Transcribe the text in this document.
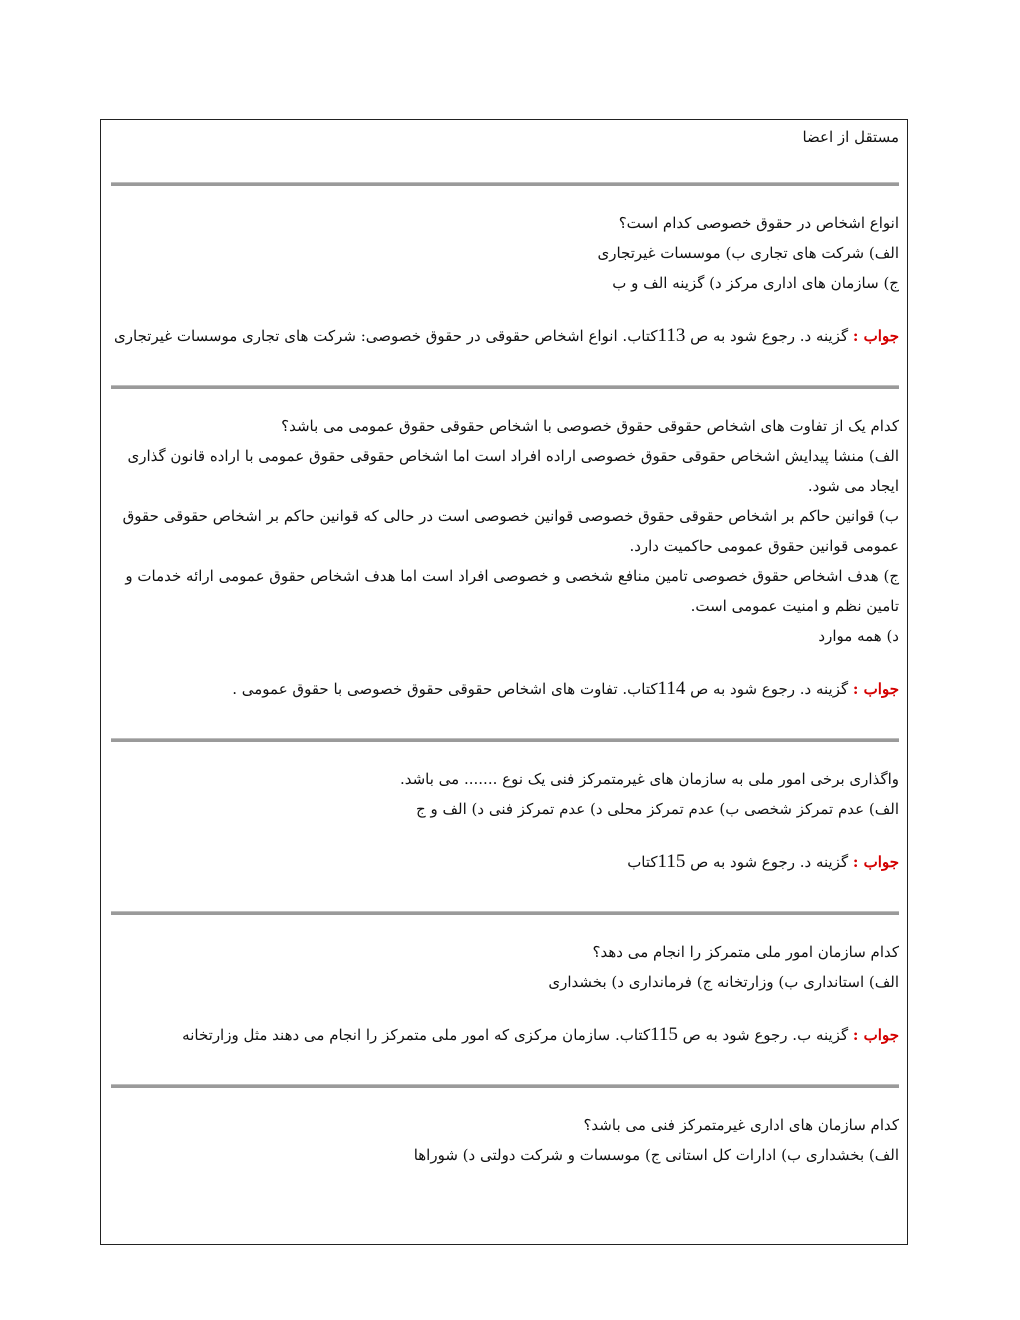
مستقل از اعضا
انواع اشخاص در حقوق خصوصی کدام است؟
الف) شرکت های تجاری ب) موسسات غیرتجاری
ج) سازمان های اداری مرکز د) گزینه الف و ب
جواب : گزینه د. رجوع شود به ص 113کتاب. انواع اشخاص حقوقی در حقوق خصوصی: شرکت های تجاری موسسات غیرتجاری
کدام یک از تفاوت های اشخاص حقوقی حقوق خصوصی با اشخاص حقوقی حقوق عمومی می باشد؟
الف) منشا پیدایش اشخاص حقوقی حقوق خصوصی اراده افراد است اما اشخاص حقوقی حقوق عمومی با اراده قانون گذاری ایجاد می شود.
ب) قوانین حاکم بر اشخاص حقوقی حقوق خصوصی قوانین خصوصی است در حالی که قوانین حاکم بر اشخاص حقوقی حقوق عمومی قوانین حقوق عمومی حاکمیت دارد.
ج) هدف اشخاص حقوق خصوصی تامین منافع شخصی و خصوصی افراد است اما هدف اشخاص حقوق عمومی ارائه خدمات و تامین نظم و امنیت عمومی است.
د) همه موارد
جواب : گزینه د. رجوع شود به ص 114کتاب. تفاوت های اشخاص حقوقی حقوق خصوصی با حقوق عمومی .
واگذاری برخی امور ملی به سازمان های غیرمتمرکز فنی یک نوع ....... می باشد.
الف) عدم تمرکز شخصی ب) عدم تمرکز محلی د) عدم تمرکز فنی د) الف و ج
جواب : گزینه د. رجوع شود به ص 115کتاب
کدام سازمان امور ملی متمرکز را انجام می دهد؟
الف) استانداری ب) وزارتخانه ج) فرمانداری د) بخشداری
جواب : گزینه ب. رجوع شود به ص 115کتاب. سازمان مرکزی که امور ملی متمرکز را انجام می دهند مثل وزارتخانه
کدام سازمان های اداری غیرمتمرکز فنی می باشد؟
الف) بخشداری ب) ادارات کل استانی ج) موسسات و شرکت دولتی د) شوراها
